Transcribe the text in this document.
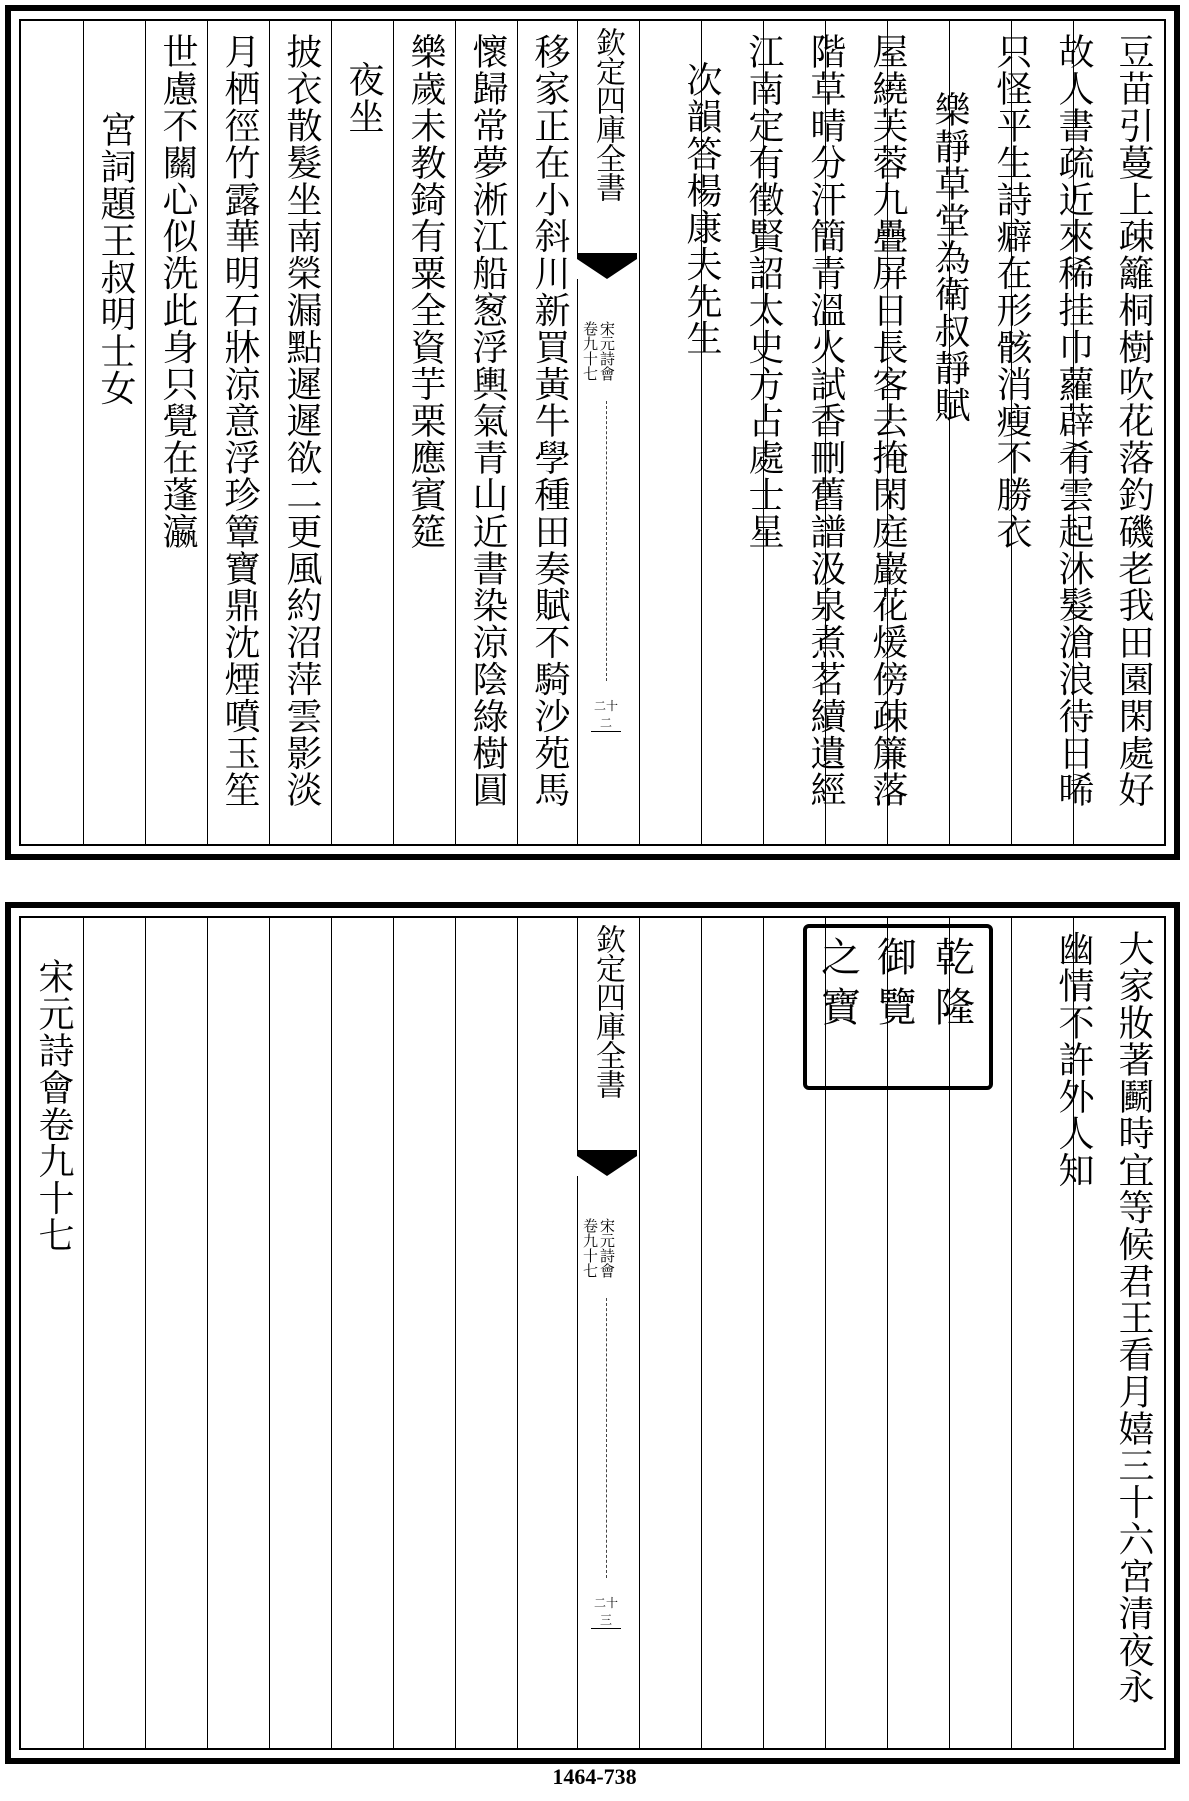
豆苗引蔓上疎籬桐樹吹花落釣磯老我田園閑處好
故人書疏近來稀挂巾蘿薜肴雲起沐髮滄浪待日晞
只怪平生詩癖在形骸消瘦不勝衣
樂靜草堂為衛叔靜賦
屋繞芙蓉九疊屏日長客去掩閑庭巖花煖傍疎簾落
階草晴分汗簡青溫火試香刪舊譜汲泉煮茗續遺經
江南定有徵賢詔太史方占處士星
次韻答楊康夫先生
欽定四庫全書
宋元詩會
卷九十七
二十二
移家正在小斜川新買黃牛學種田奏賦不騎沙苑馬
懷歸常夢淅江船䆫浮輿氣青山近書染涼陰綠樹圓
樂歲未教錡有粟全資芋栗應賓筵
夜坐
披衣散髮坐南榮漏點遲遲欲二更風約沼萍雲影淡
月栖徑竹露華明石牀涼意浮珍簟寶鼎沈煙噴玉笙
世慮不關心似洗此身只覺在蓬瀛
宮詞題王叔明士女
大家妝著鬬時宜等候君王看月嬉三十六宮清夜永
幽情不許外人知
乾
隆
御
覽
之
寶
欽定四庫全書
宋元詩會
卷九十七
二十三
宋元詩會卷九十七
1464-738
